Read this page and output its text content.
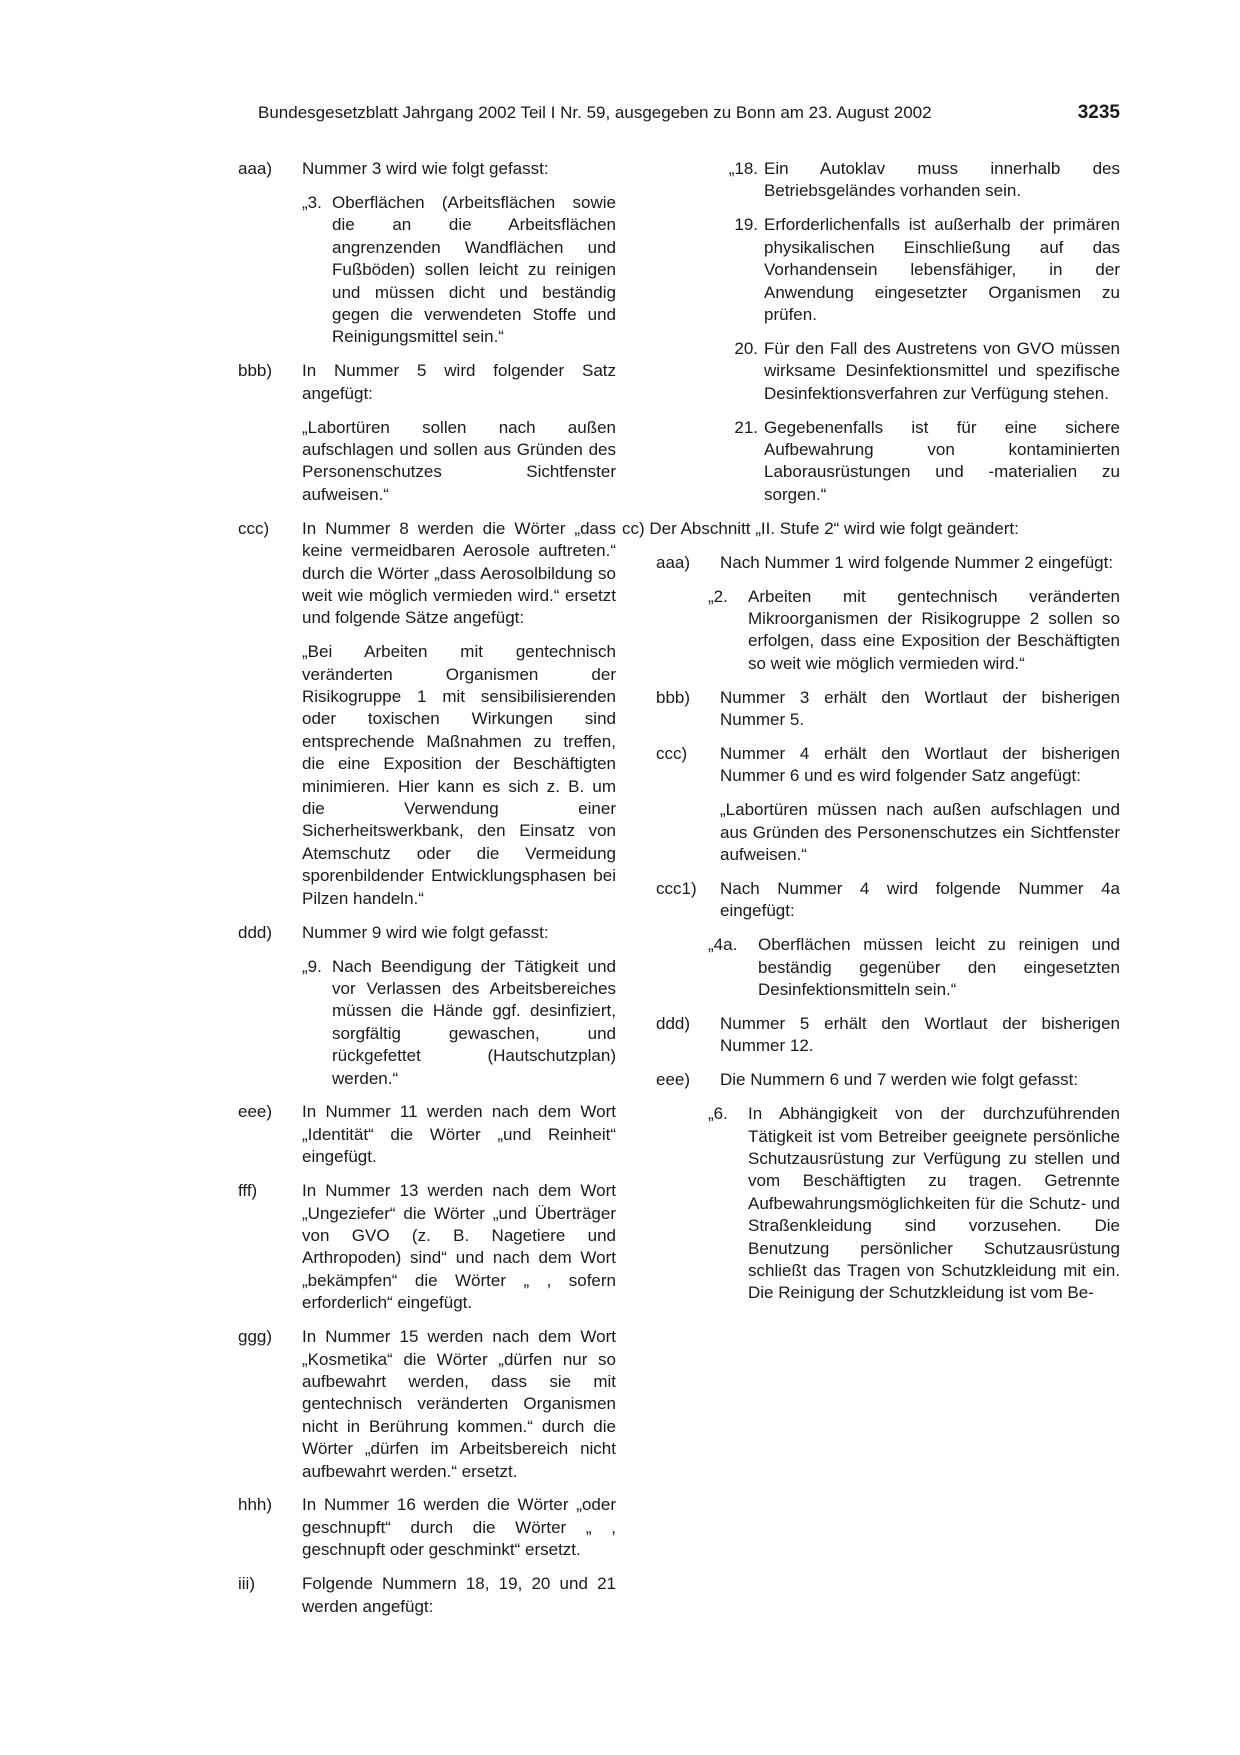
Bundesgesetzblatt Jahrgang 2002 Teil I Nr. 59, ausgegeben zu Bonn am 23. August 2002	3235
aaa) Nummer 3 wird wie folgt gefasst:
„3. Oberflächen (Arbeitsflächen sowie die an die Arbeitsflächen angrenzenden Wandflächen und Fußböden) sollen leicht zu reinigen und müssen dicht und beständig gegen die verwendeten Stoffe und Reinigungsmittel sein.“
bbb) In Nummer 5 wird folgender Satz angefügt:
„Labortüren sollen nach außen aufschlagen und sollen aus Gründen des Personenschutzes Sichtfenster aufweisen.“
ccc) In Nummer 8 werden die Wörter „dass keine vermeidbaren Aerosole auftreten.“ durch die Wörter „dass Aerosolbildung so weit wie möglich vermieden wird.“ ersetzt und folgende Sätze angefügt:
„Bei Arbeiten mit gentechnisch veränderten Organismen der Risikogruppe 1 mit sensibilisierenden oder toxischen Wirkungen sind entsprechende Maßnahmen zu treffen, die eine Exposition der Beschäftigten minimieren. Hier kann es sich z. B. um die Verwendung einer Sicherheitswerkbank, den Einsatz von Atemschutz oder die Vermeidung sporenbildender Entwicklungsphasen bei Pilzen handeln.“
ddd) Nummer 9 wird wie folgt gefasst:
„9. Nach Beendigung der Tätigkeit und vor Verlassen des Arbeitsbereiches müssen die Hände ggf. desinfiziert, sorgfältig gewaschen, und rückgefettet (Hautschutzplan) werden.“
eee) In Nummer 11 werden nach dem Wort „Identität“ die Wörter „und Reinheit“ eingefügt.
fff)	In Nummer 13 werden nach dem Wort „Ungeziefer“ die Wörter „und Überträger von GVO (z. B. Nagetiere und Arthropoden) sind“ und nach dem Wort „bekämpfen“ die Wörter „ , sofern erforderlich“ eingefügt.
ggg) In Nummer 15 werden nach dem Wort „Kosmetika“ die Wörter „dürfen nur so aufbewahrt werden, dass sie mit gentechnisch veränderten Organismen nicht in Berührung kommen.“ durch die Wörter „dürfen im Arbeitsbereich nicht aufbewahrt werden.“ ersetzt.
hhh) In Nummer 16 werden die Wörter „oder geschnupft“ durch die Wörter „ , geschnupft oder geschminkt“ ersetzt.
iii)	Folgende Nummern 18, 19, 20 und 21 werden angefügt:
„18. Ein Autoklav muss innerhalb des Betriebsgeländes vorhanden sein.
19. Erforderlichenfalls ist außerhalb der primären physikalischen Einschließung auf das Vorhandensein lebensfähiger, in der Anwendung eingesetzter Organismen zu prüfen.
20. Für den Fall des Austretens von GVO müssen wirksame Desinfektionsmittel und spezifische Desinfektionsverfahren zur Verfügung stehen.
21. Gegebenenfalls ist für eine sichere Aufbewahrung von kontaminierten Laborausrüstungen und -materialien zu sorgen.“
cc) Der Abschnitt „II. Stufe 2“ wird wie folgt geändert:
aaa)	Nach Nummer 1 wird folgende Nummer 2 eingefügt:
„2. Arbeiten mit gentechnisch veränderten Mikroorganismen der Risikogruppe 2 sollen so erfolgen, dass eine Exposition der Beschäftigten so weit wie möglich vermieden wird.“
bbb)	Nummer 3 erhält den Wortlaut der bisherigen Nummer 5.
ccc)	Nummer 4 erhält den Wortlaut der bisherigen Nummer 6 und es wird folgender Satz angefügt:
„Labortüren müssen nach außen aufschlagen und aus Gründen des Personenschutzes ein Sichtfenster aufweisen.“
ccc1)	Nach Nummer 4 wird folgende Nummer 4a eingefügt:
„4a. Oberflächen müssen leicht zu reinigen und beständig gegenüber den eingesetzten Desinfektionsmitteln sein.“
ddd)	Nummer 5 erhält den Wortlaut der bisherigen Nummer 12.
eee)	Die Nummern 6 und 7 werden wie folgt gefasst:
„6. In Abhängigkeit von der durchzuführenden Tätigkeit ist vom Betreiber geeignete persönliche Schutzausrüstung zur Verfügung zu stellen und vom Beschäftigten zu tragen. Getrennte Aufbewahrungsmöglichkeiten für die Schutz- und Straßenkleidung sind vorzusehen. Die Benutzung persönlicher Schutzausrüstung schließt das Tragen von Schutzkleidung mit ein. Die Reinigung der Schutzkleidung ist vom Be-
